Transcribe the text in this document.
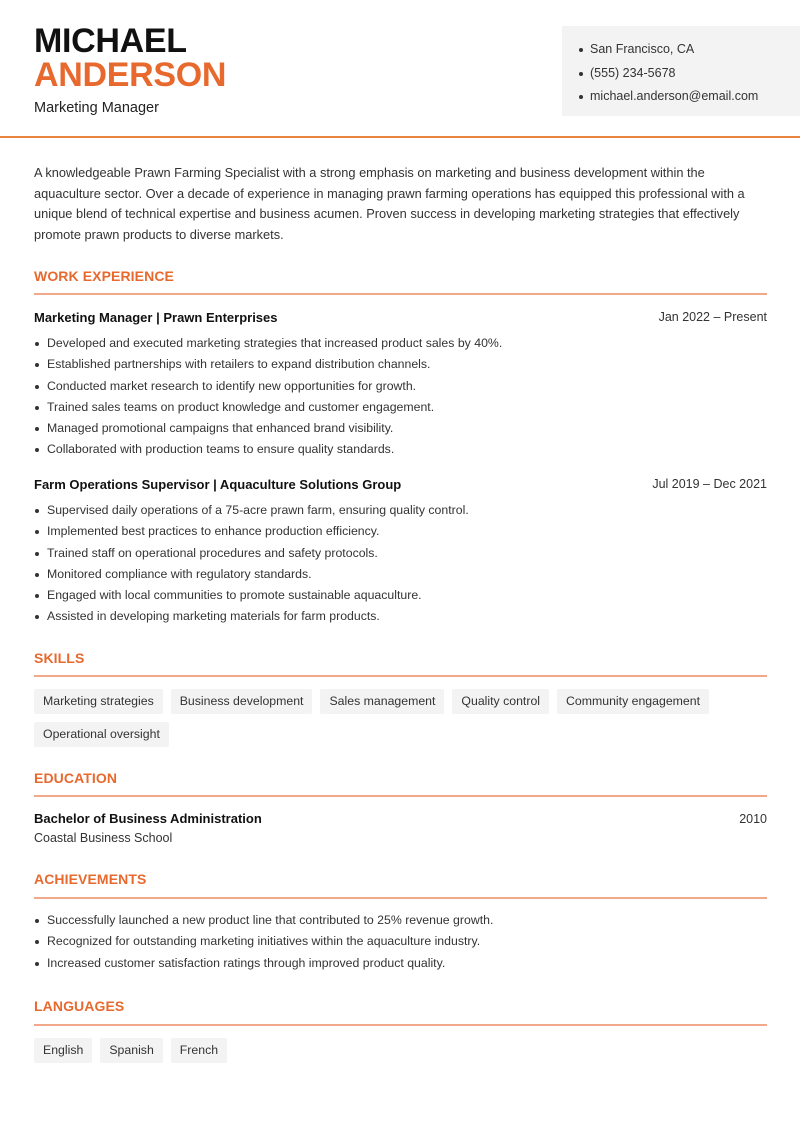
MICHAEL
ANDERSON
Marketing Manager
San Francisco, CA
(555) 234-5678
michael.anderson@email.com

A knowledgeable Prawn Farming Specialist with a strong emphasis on marketing and business development within the aquaculture sector. Over a decade of experience in managing prawn farming operations has equipped this professional with a unique blend of technical expertise and business acumen. Proven success in developing marketing strategies that effectively promote prawn products to diverse markets.

WORK EXPERIENCE
Marketing Manager | Prawn Enterprises	Jan 2022 – Present
Developed and executed marketing strategies that increased product sales by 40%.
Established partnerships with retailers to expand distribution channels.
Conducted market research to identify new opportunities for growth.
Trained sales teams on product knowledge and customer engagement.
Managed promotional campaigns that enhanced brand visibility.
Collaborated with production teams to ensure quality standards.
Farm Operations Supervisor | Aquaculture Solutions Group	Jul 2019 – Dec 2021
Supervised daily operations of a 75-acre prawn farm, ensuring quality control.
Implemented best practices to enhance production efficiency.
Trained staff on operational procedures and safety protocols.
Monitored compliance with regulatory standards.
Engaged with local communities to promote sustainable aquaculture.
Assisted in developing marketing materials for farm products.
SKILLS
Marketing strategies	Business development	Sales management	Quality control	Community engagement
Operational oversight
EDUCATION
Bachelor of Business Administration	2010
Coastal Business School
ACHIEVEMENTS
Successfully launched a new product line that contributed to 25% revenue growth.
Recognized for outstanding marketing initiatives within the aquaculture industry.
Increased customer satisfaction ratings through improved product quality.
LANGUAGES
English	Spanish	French
